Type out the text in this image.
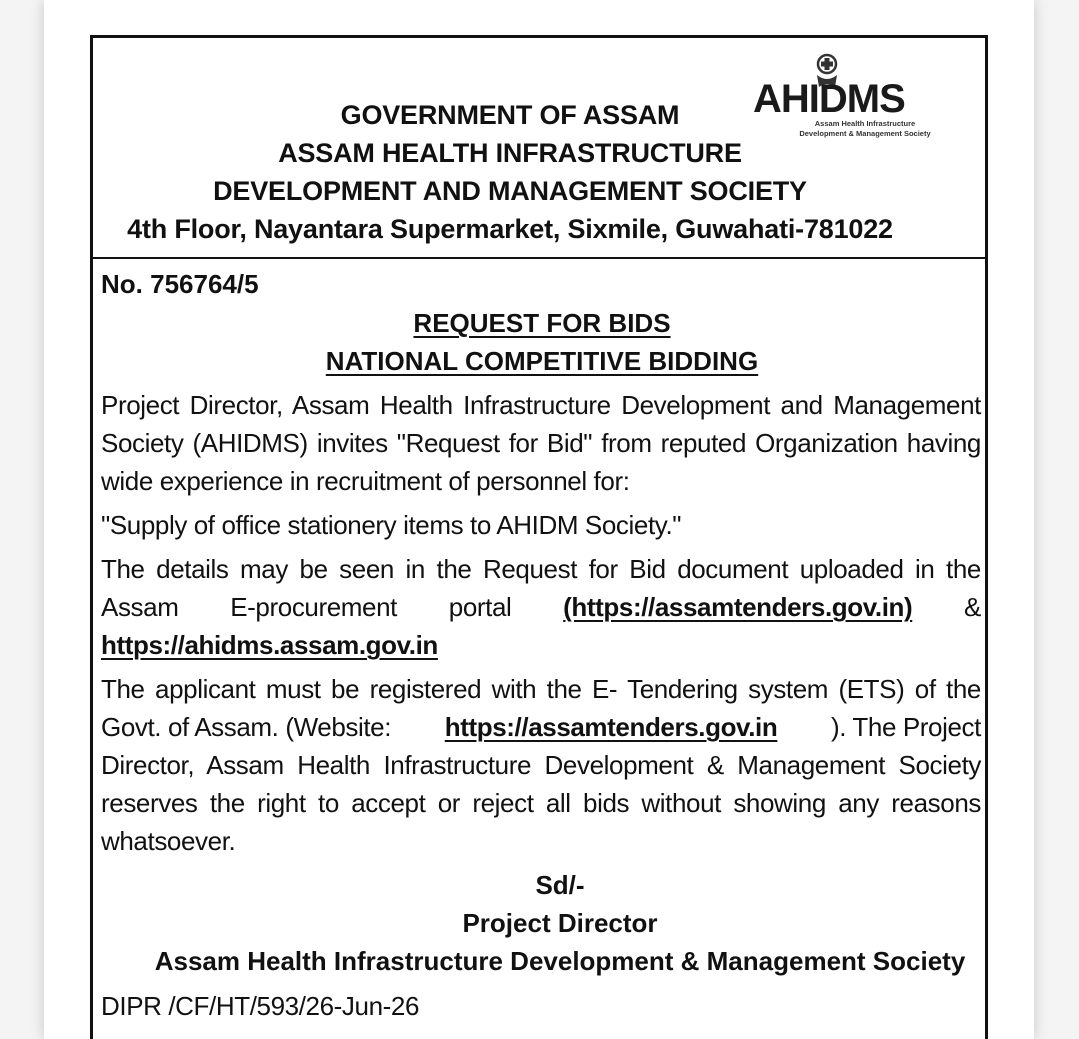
GOVERNMENT OF ASSAM
ASSAM HEALTH INFRASTRUCTURE
DEVELOPMENT AND MANAGEMENT SOCIETY
4th Floor, Nayantara Supermarket, Sixmile, Guwahati-781022
AHIDMS
Assam Health Infrastructure
Development & Management Society
No. 756764/5
REQUEST FOR BIDS
NATIONAL COMPETITIVE BIDDING
Project Director, Assam Health Infrastructure Development and Management
Society (AHIDMS) invites "Request for Bid" from reputed Organization having
wide experience in recruitment of personnel for:
"Supply of office stationery items to AHIDM Society."
The details may be seen in the Request for Bid document uploaded in the
Assam E-procurement portal (https://assamtenders.gov.in) &
https://ahidms.assam.gov.in
The applicant must be registered with the E- Tendering system (ETS) of the
Govt. of Assam. (Website: https://assamtenders.gov.in ). The Project
Director, Assam Health Infrastructure Development & Management Society
reserves the right to accept or reject all bids without showing any reasons
whatsoever.
Sd/-
Project Director
Assam Health Infrastructure Development & Management Society
DIPR /CF/HT/593/26-Jun-26
